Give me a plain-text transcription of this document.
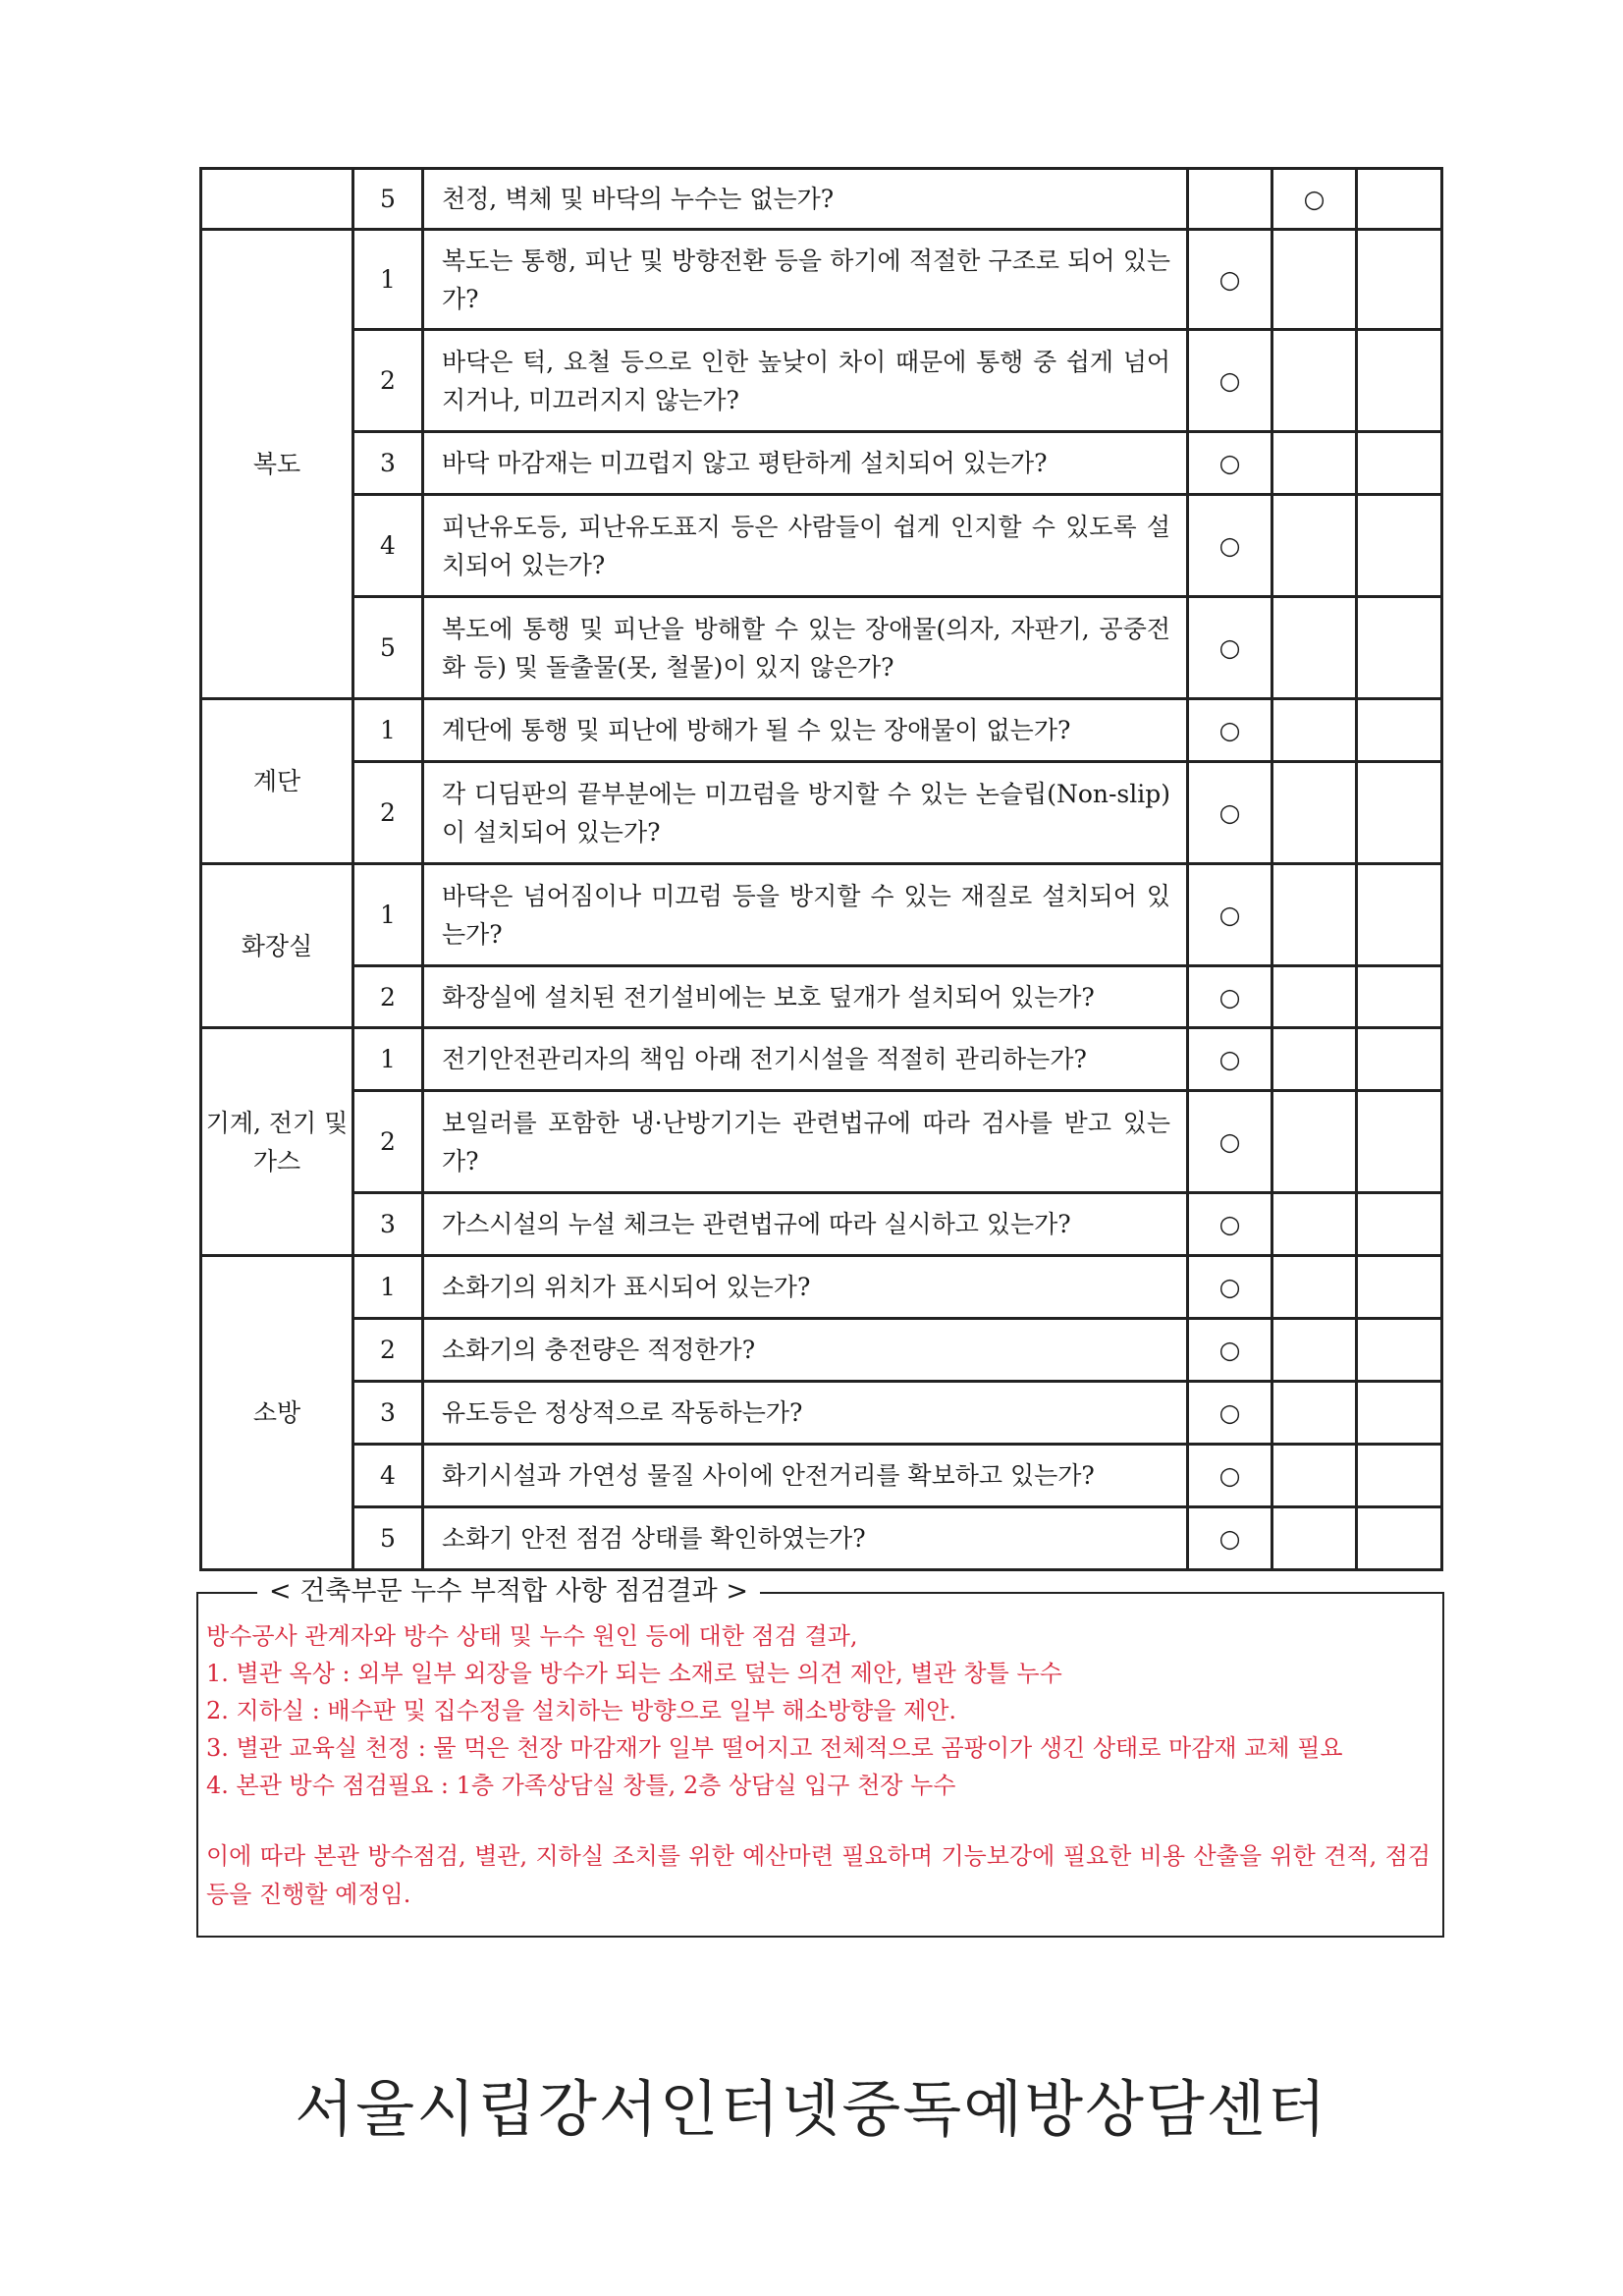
	5	천정, 벽체 및 바닥의 누수는 없는가?		○	
복도	1	복도는 통행, 피난 및 방향전환 등을 하기에 적절한 구조로 되어 있는가?	○		
	2	바닥은 턱, 요철 등으로 인한 높낮이 차이 때문에 통행 중 쉽게 넘어지거나, 미끄러지지 않는가?	○		
	3	바닥 마감재는 미끄럽지 않고 평탄하게 설치되어 있는가?	○		
	4	피난유도등, 피난유도표지 등은 사람들이 쉽게 인지할 수 있도록 설치되어 있는가?	○		
	5	복도에 통행 및 피난을 방해할 수 있는 장애물(의자, 자판기, 공중전화 등) 및 돌출물(못, 철물)이 있지 않은가?	○		
계단	1	계단에 통행 및 피난에 방해가 될 수 있는 장애물이 없는가?	○		
	2	각 디딤판의 끝부분에는 미끄럼을 방지할 수 있는 논슬립(Non-slip)이 설치되어 있는가?	○		
화장실	1	바닥은 넘어짐이나 미끄럼 등을 방지할 수 있는 재질로 설치되어 있는가?	○		
	2	화장실에 설치된 전기설비에는 보호 덮개가 설치되어 있는가?	○		
기계, 전기 및 가스	1	전기안전관리자의 책임 아래 전기시설을 적절히 관리하는가?	○		
	2	보일러를 포함한 냉·난방기기는 관련법규에 따라 검사를 받고 있는가?	○		
	3	가스시설의 누설 체크는 관련법규에 따라 실시하고 있는가?	○		
소방	1	소화기의 위치가 표시되어 있는가?	○		
	2	소화기의 충전량은 적정한가?	○		
	3	유도등은 정상적으로 작동하는가?	○		
	4	화기시설과 가연성 물질 사이에 안전거리를 확보하고 있는가?	○		
	5	소화기 안전 점검 상태를 확인하였는가?	○		
< 건축부문 누수 부적합 사항 점검결과 >
방수공사 관계자와 방수 상태 및 누수 원인 등에 대한 점검 결과,
1. 별관 옥상 : 외부 일부 외장을 방수가 되는 소재로 덮는 의견 제안, 별관 창틀 누수
2. 지하실 : 배수판 및 집수정을 설치하는 방향으로 일부 해소방향을 제안.
3. 별관 교육실 천정 : 물 먹은 천장 마감재가 일부 떨어지고 전체적으로 곰팡이가 생긴 상태로 마감재 교체 필요
4. 본관 방수 점검필요 : 1층 가족상담실 창틀, 2층 상담실 입구 천장 누수
이에 따라 본관 방수점검, 별관, 지하실 조치를 위한 예산마련 필요하며 기능보강에 필요한 비용 산출을 위한 견적, 점검 등을 진행할 예정임.
서울시립강서인터넷중독예방상담센터
